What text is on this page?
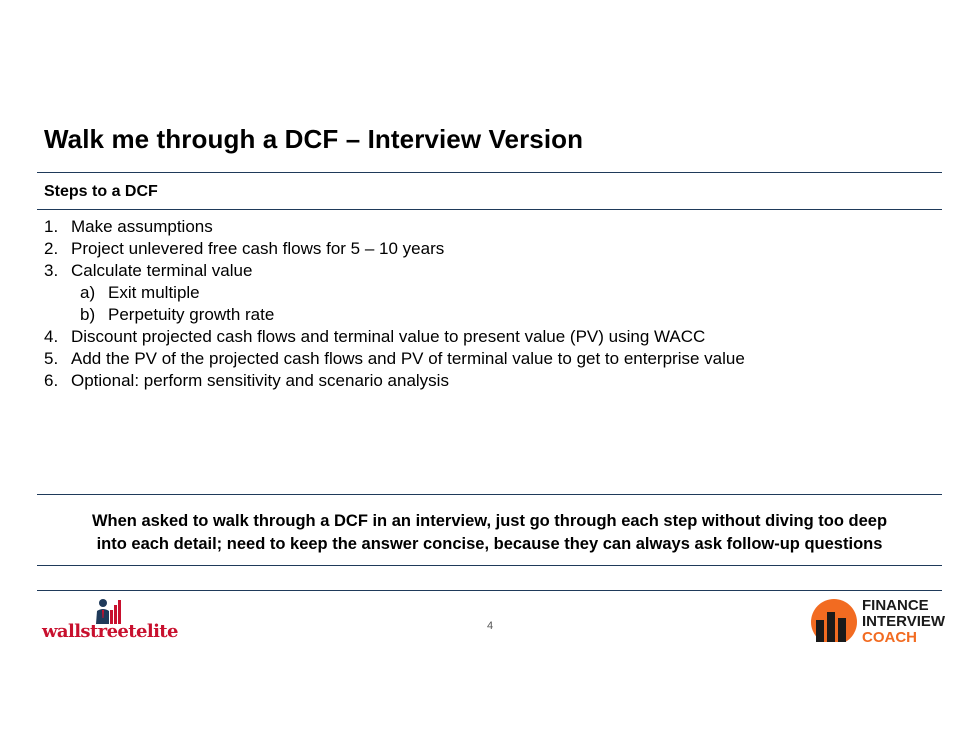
Walk me through a DCF – Interview Version
Steps to a DCF
1. Make assumptions
2. Project unlevered free cash flows for 5 – 10 years
3. Calculate terminal value
a) Exit multiple
b) Perpetuity growth rate
4. Discount projected cash flows and terminal value to present value (PV) using WACC
5. Add the PV of the projected cash flows and PV of terminal value to get to enterprise value
6. Optional: perform sensitivity and scenario analysis
When asked to walk through a DCF in an interview, just go through each step without diving too deep
into each detail; need to keep the answer concise, because they can always ask follow-up questions
wallstreetelite	4
FINANCE
INTERVIEW
COACH
